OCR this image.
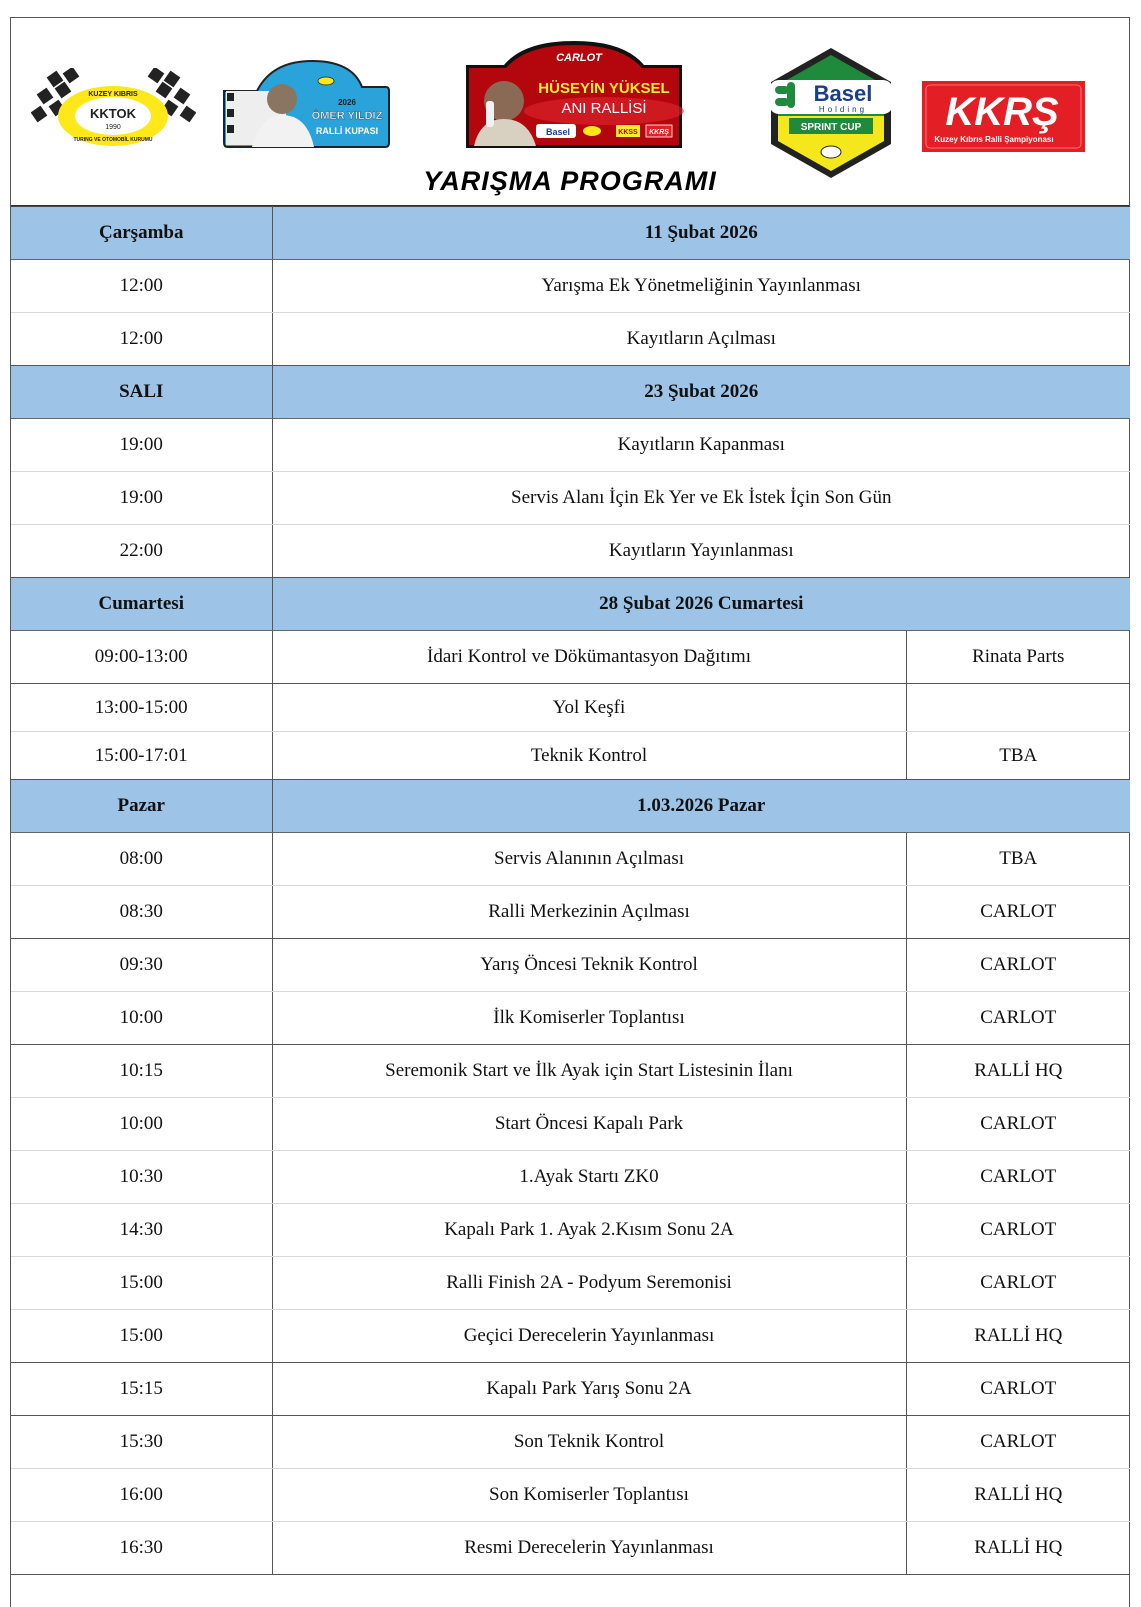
KUZEY KIBRIS
KKTOK
1990
TURING VE OTOMOBİL KURUMU
2026
ÖMER YILDIZ
RALLİ KUPASI
CARLOT
HÜSEYİN YÜKSEL
ANI RALLİSİ
Basel	KKSS KKRŞ
Basel
Holding
SPRINT CUP KKRŞ
Kuzey Kıbrıs Ralli Şampiyonası
YARIŞMA PROGRAMI
Çarşamba	11 Şubat 2026	
12:00	Yarışma Ek Yönetmeliğinin Yayınlanması	
12:00	Kayıtların Açılması	
SALI	23 Şubat 2026	
19:00	Kayıtların Kapanması	
19:00	Servis Alanı İçin Ek Yer ve Ek İstek İçin Son Gün	
22:00	Kayıtların Yayınlanması	
Cumartesi	28 Şubat 2026 Cumartesi	
09:00-13:00	İdari Kontrol ve Dökümantasyon Dağıtımı	Rinata Parts
13:00-15:00	Yol Keşfi	
15:00-17:01	Teknik Kontrol	TBA
Pazar	1.03.2026 Pazar	
08:00	Servis Alanının Açılması	TBA
08:30	Ralli Merkezinin Açılması	CARLOT
09:30	Yarış Öncesi Teknik Kontrol	CARLOT
10:00	İlk Komiserler Toplantısı	CARLOT
10:15	Seremonik Start ve İlk Ayak için Start Listesinin İlanı	RALLİ HQ
10:00	Start Öncesi Kapalı Park	CARLOT
10:30	1.Ayak Startı ZK0	CARLOT
14:30	Kapalı Park 1. Ayak 2.Kısım Sonu 2A	CARLOT
15:00	Ralli Finish 2A - Podyum Seremonisi	CARLOT
15:00	Geçici Derecelerin Yayınlanması	RALLİ HQ
15:15	Kapalı Park Yarış Sonu 2A	CARLOT
15:30	Son Teknik Kontrol	CARLOT
16:00	Son Komiserler Toplantısı	RALLİ HQ
16:30	Resmi Derecelerin Yayınlanması	RALLİ HQ
